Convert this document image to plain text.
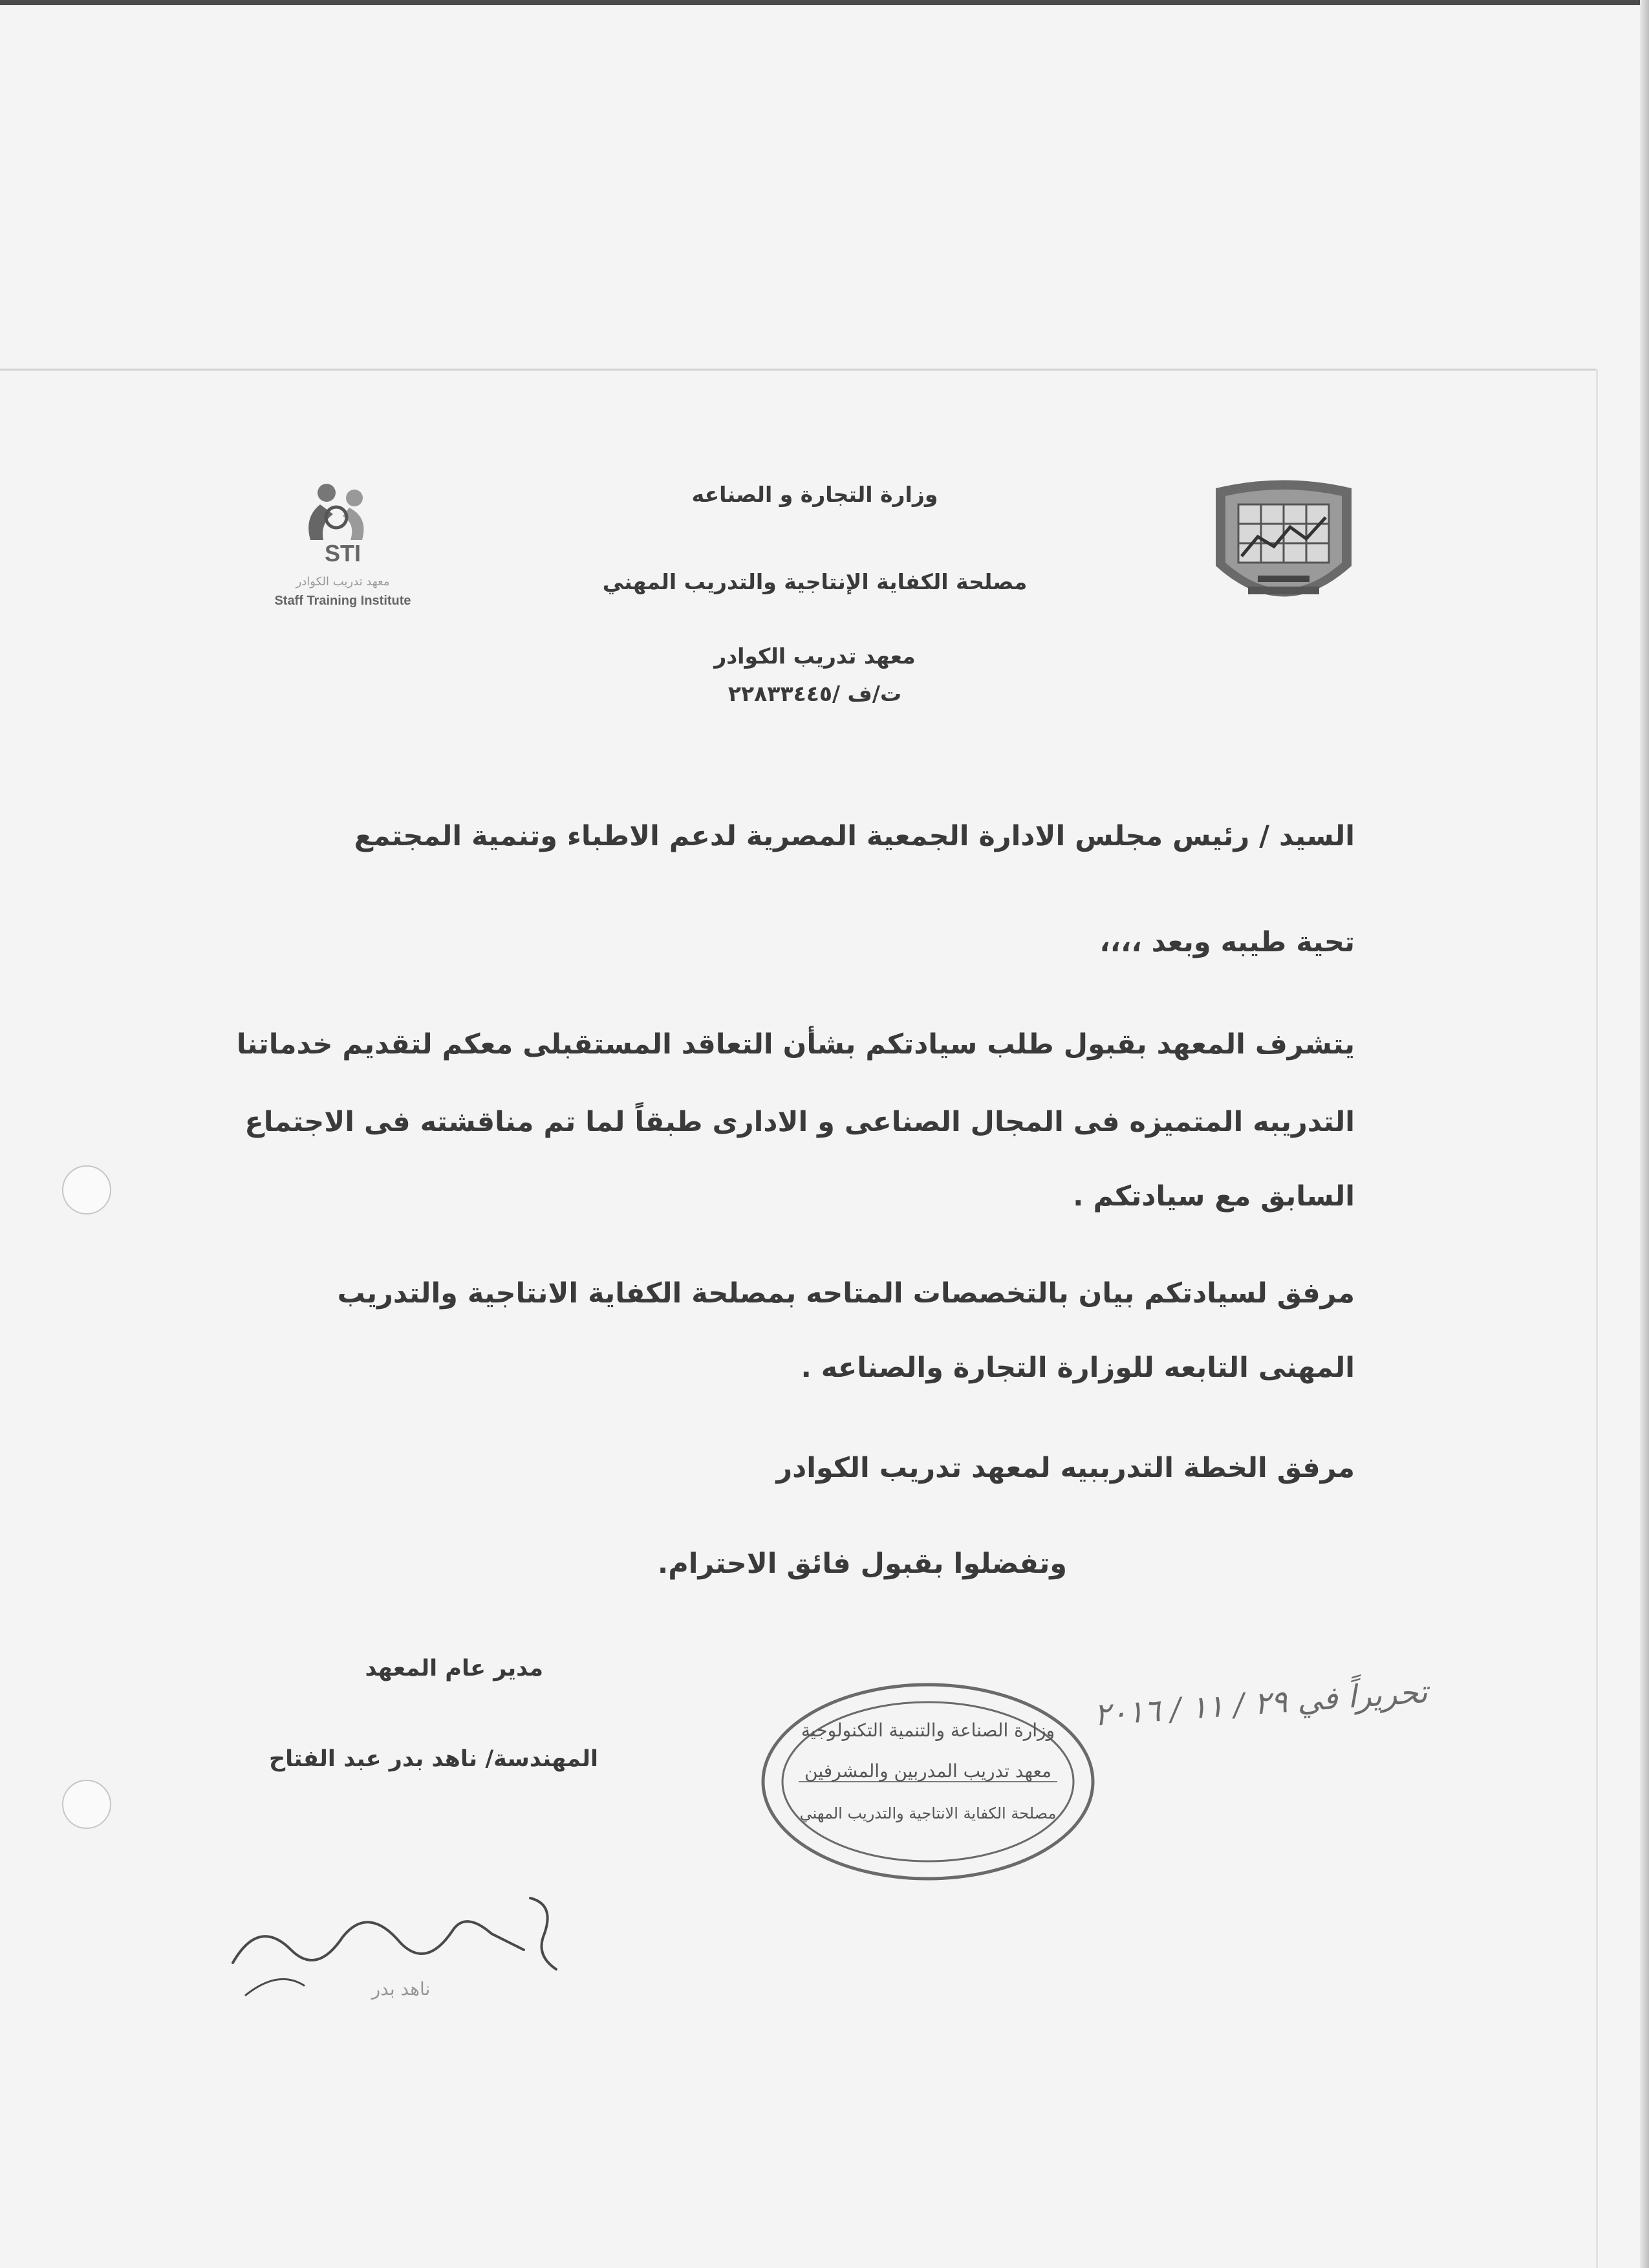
STI
معهد تدريب الكوادر
Staff Training Institute
وزارة التجارة و الصناعه
مصلحة الكفاية الإنتاجية والتدريب المهني
معهد تدريب الكوادر
ت/ف /٢٢٨٣٣٤٤٥
السيد / رئيس مجلس الادارة الجمعية المصرية لدعم الاطباء وتنمية المجتمع
تحية طيبه وبعد ،،،،
يتشرف المعهد بقبول طلب سيادتكم بشأن التعاقد المستقبلى معكم لتقديم خدماتنا
التدريبه المتميزه فى المجال الصناعى و الادارى طبقاً لما تم مناقشته فى الاجتماع
السابق مع سيادتكم .
مرفق لسيادتكم بيان بالتخصصات المتاحه بمصلحة الكفاية الانتاجية والتدريب
المهنى التابعه للوزارة التجارة والصناعه .
مرفق الخطة التدرببيه لمعهد تدريب الكوادر
وتفضلوا بقبول فائق الاحترام.
مدير عام المعهد
المهندسة/ ناهد بدر عبد الفتاح
ناهد بدر
وزارة الصناعة والتنمية التكنولوجية
معهد تدريب المدربين والمشرفين
مصلحة الكفاية الانتاجية والتدريب المهني
تحريراً في ٢٩ / ١١ / ٢٠١٦
